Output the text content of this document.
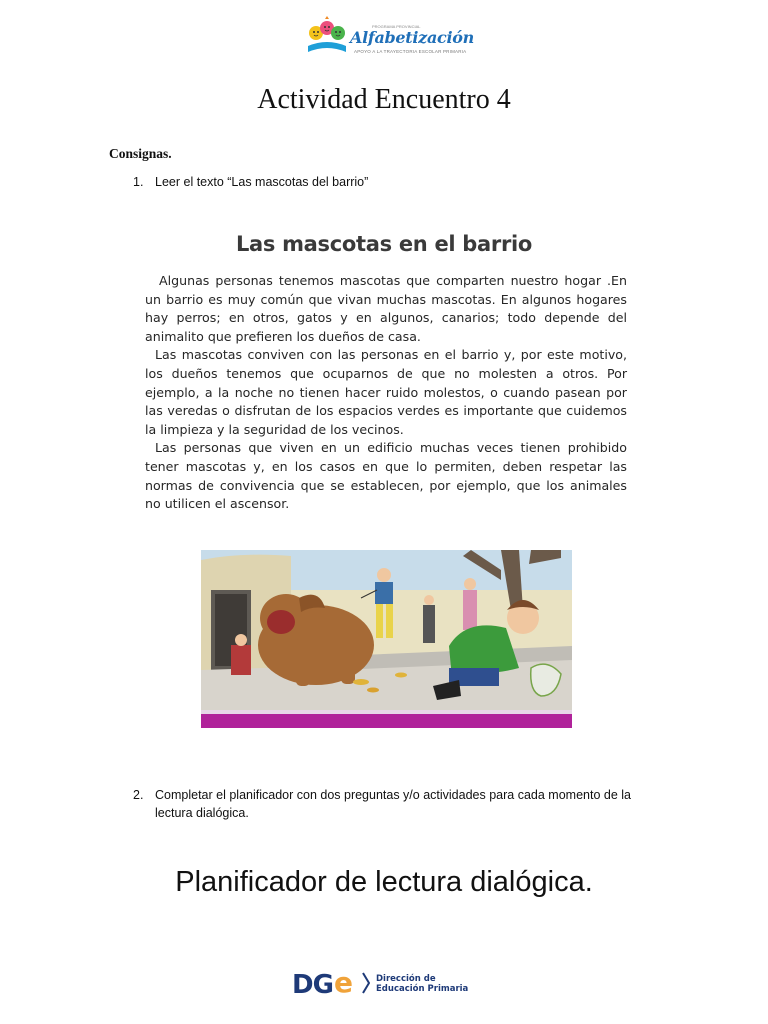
PROGRAMA PROVINCIAL
Alfabetización
APOYO A LA TRAYECTORIA ESCOLAR PRIMARIA
Actividad Encuentro 4
Consignas.
1. Leer el texto “Las mascotas del barrio”
Las mascotas en el barrio

Algunas personas tenemos mascotas que comparten nuestro hogar .En un barrio es muy común que vivan muchas mascotas. En algunos hogares hay perros; en otros, gatos y en algunos, canarios; todo depende del animalito que prefieren los dueños de casa.

Las mascotas conviven con las personas en el barrio y, por este motivo, los dueños tenemos que ocuparnos de que no molesten a otros. Por ejemplo, a la noche no tienen hacer ruido molestos, o cuando pasean por las veredas o disfrutan de los espacios verdes es importante que cuidemos la limpieza y la seguridad de los vecinos.

Las personas que viven en un edificio muchas veces tienen prohibido tener mascotas y, en los casos en que lo permiten, deben respetar las normas de convivencia que se establecen, por ejemplo, que los animales no utilicen el ascensor.

2. Completar el planificador con dos preguntas y/o actividades para cada momento de la lectura dialógica.
Planificador de lectura dialógica.
DG e	Dirección de
Educación Primaria
